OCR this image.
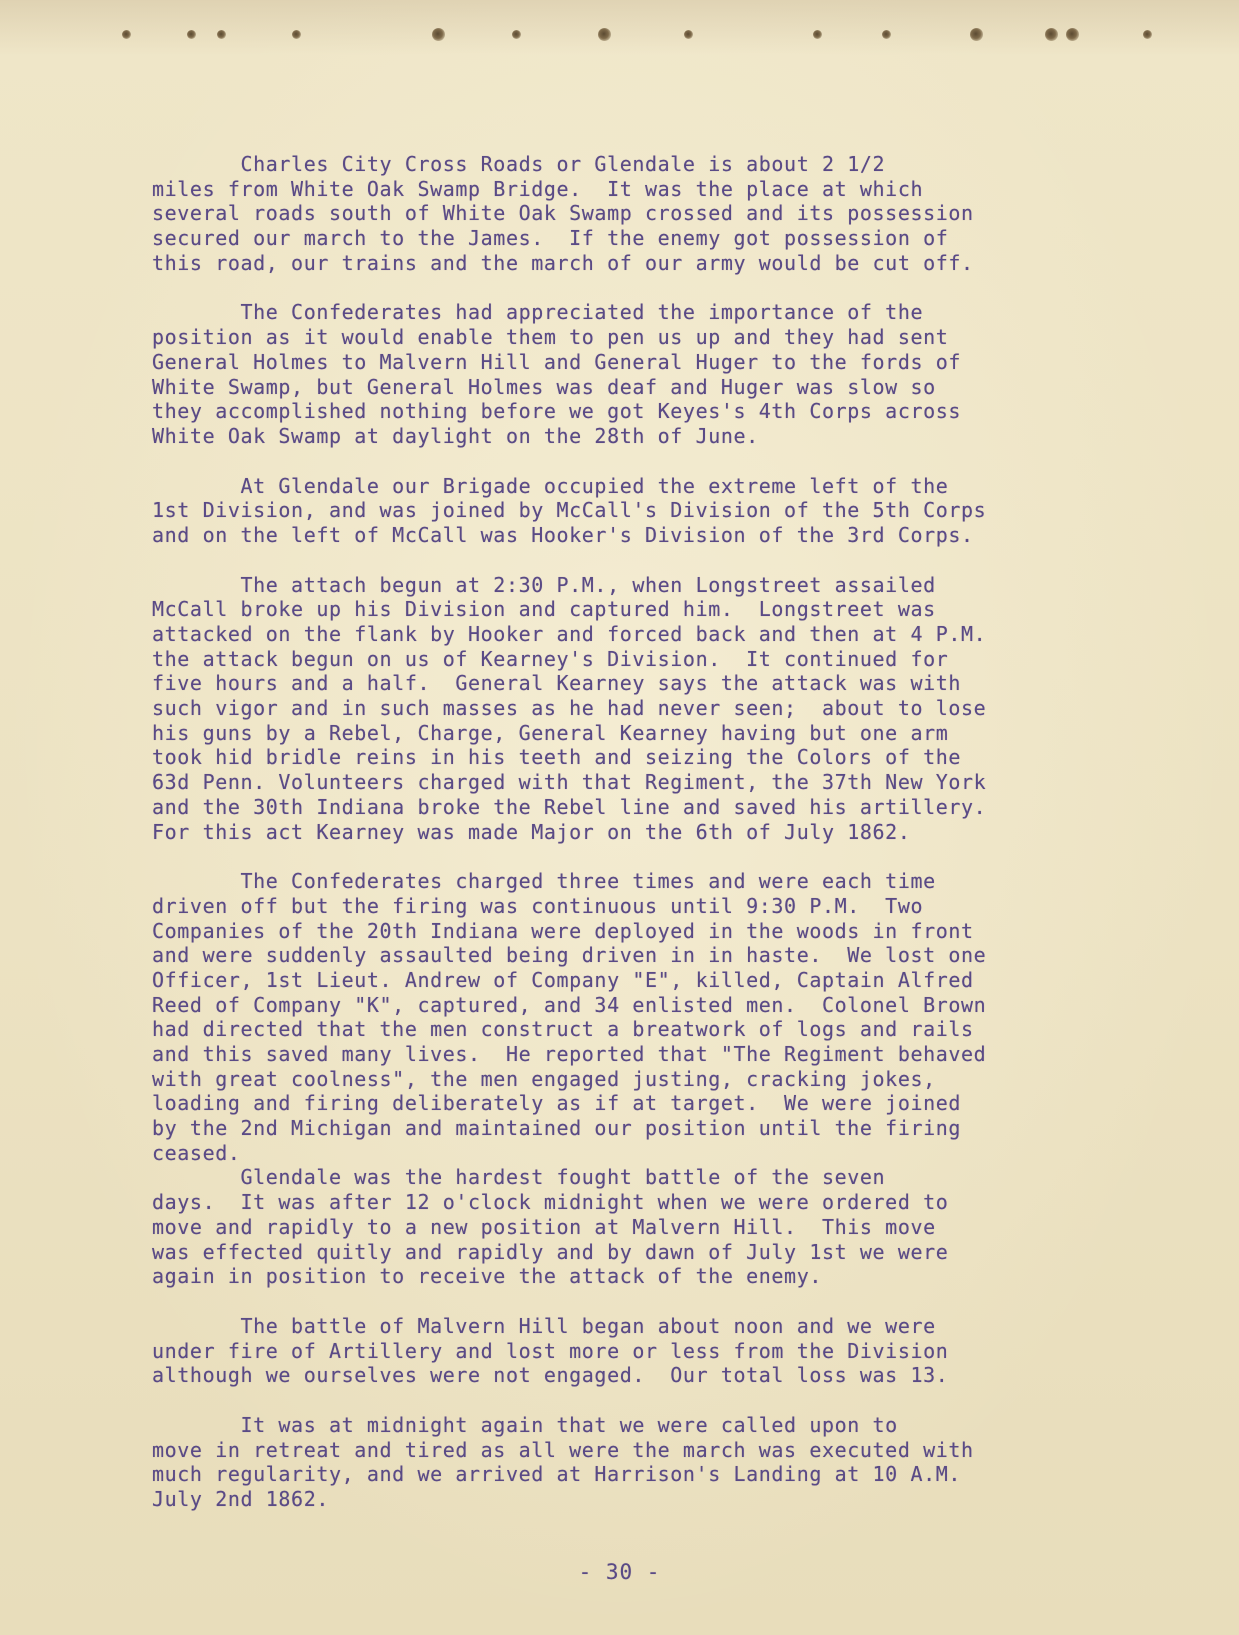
Charles City Cross Roads or Glendale is about 2 1/2
miles from White Oak Swamp Bridge.  It was the place at which
several roads south of White Oak Swamp crossed and its possession
secured our march to the James.  If the enemy got possession of
this road, our trains and the march of our army would be cut off.
The Confederates had appreciated the importance of the
position as it would enable them to pen us up and they had sent
General Holmes to Malvern Hill and General Huger to the fords of
White Swamp, but General Holmes was deaf and Huger was slow so
they accomplished nothing before we got Keyes's 4th Corps across
White Oak Swamp at daylight on the 28th of June.
At Glendale our Brigade occupied the extreme left of the
1st Division, and was joined by McCall's Division of the 5th Corps
and on the left of McCall was Hooker's Division of the 3rd Corps.
The attach begun at 2:30 P.M., when Longstreet assailed
McCall broke up his Division and captured him.  Longstreet was
attacked on the flank by Hooker and forced back and then at 4 P.M.
the attack begun on us of Kearney's Division.  It continued for
five hours and a half.  General Kearney says the attack was with
such vigor and in such masses as he had never seen;  about to lose
his guns by a Rebel, Charge, General Kearney having but one arm
took hid bridle reins in his teeth and seizing the Colors of the
63d Penn. Volunteers charged with that Regiment, the 37th New York
and the 30th Indiana broke the Rebel line and saved his artillery.
For this act Kearney was made Major on the 6th of July 1862.
The Confederates charged three times and were each time
driven off but the firing was continuous until 9:30 P.M.  Two
Companies of the 20th Indiana were deployed in the woods in front
and were suddenly assaulted being driven in in haste.  We lost one
Officer, 1st Lieut. Andrew of Company "E", killed, Captain Alfred
Reed of Company "K", captured, and 34 enlisted men.  Colonel Brown
had directed that the men construct a breatwork of logs and rails
and this saved many lives.  He reported that "The Regiment behaved
with great coolness", the men engaged justing, cracking jokes,
loading and firing deliberately as if at target.  We were joined
by the 2nd Michigan and maintained our position until the firing
ceased.
Glendale was the hardest fought battle of the seven
days.  It was after 12 o'clock midnight when we were ordered to
move and rapidly to a new position at Malvern Hill.  This move
was effected quitly and rapidly and by dawn of July 1st we were
again in position to receive the attack of the enemy.
The battle of Malvern Hill began about noon and we were
under fire of Artillery and lost more or less from the Division
although we ourselves were not engaged.  Our total loss was 13.
It was at midnight again that we were called upon to
move in retreat and tired as all were the march was executed with
much regularity, and we arrived at Harrison's Landing at 10 A.M.
July 2nd 1862.
- 30 -
